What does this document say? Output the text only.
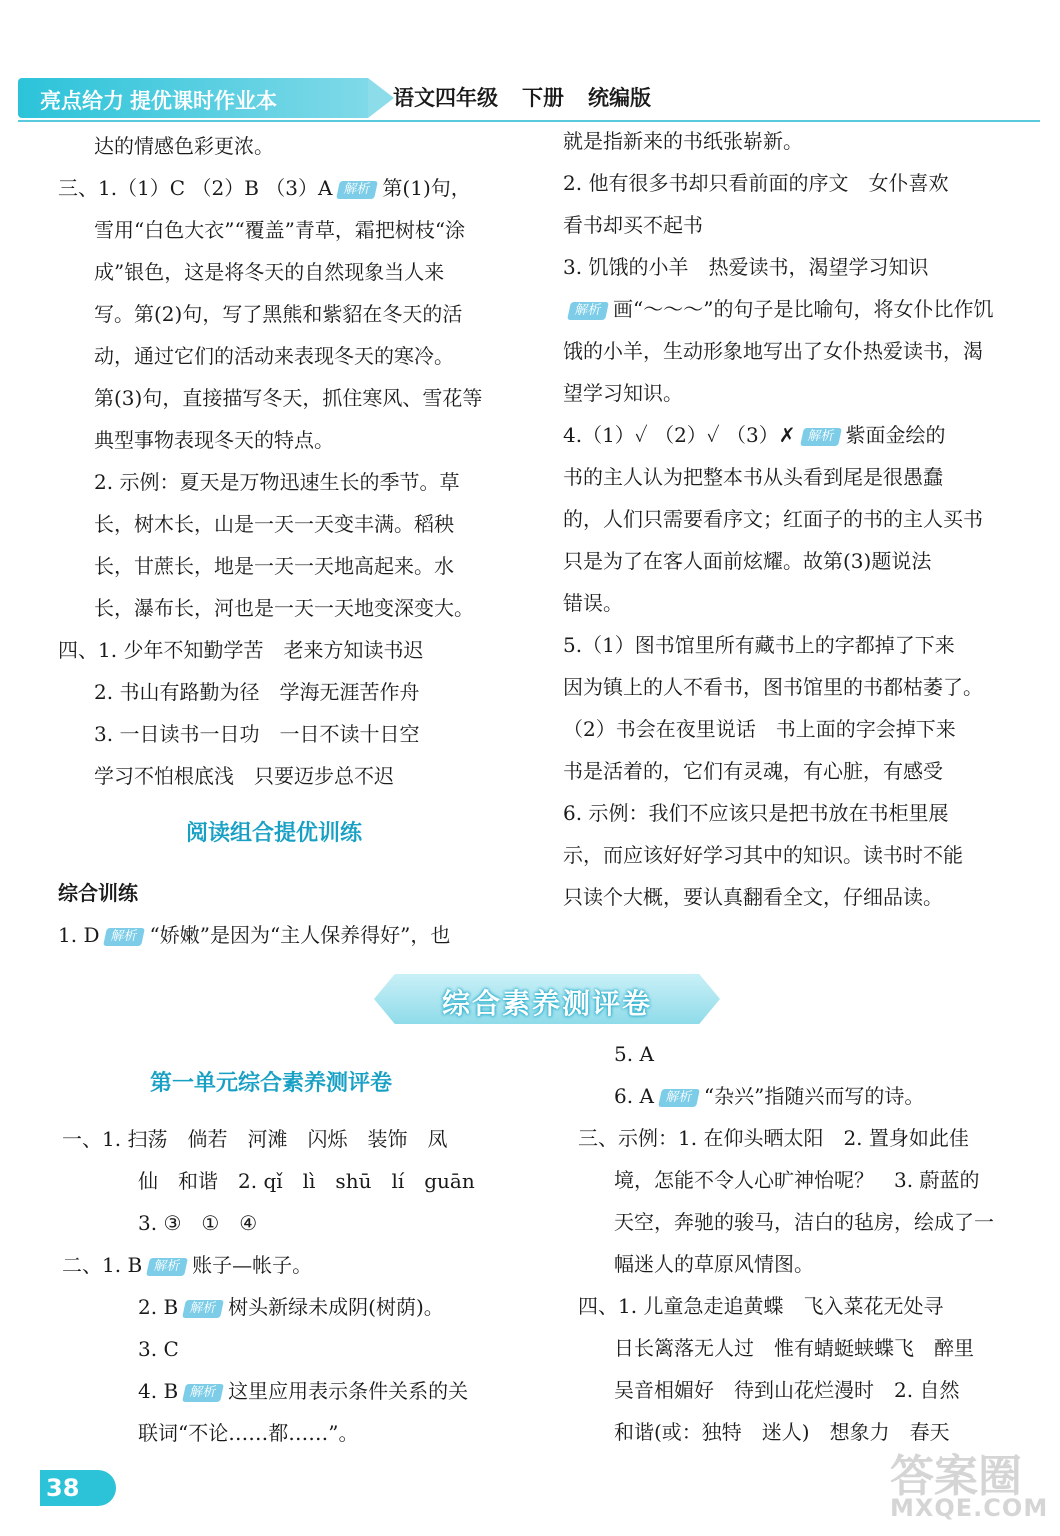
亮点给力 提优课时作业本	语文四年级 下册 统编版
达的情感色彩更浓。
三、1.（1）C （2）B （3）A 解析 第(1)句，
雪用“白色大衣”“覆盖”青草，霜把树枝“涂
成”银色，这是将冬天的自然现象当人来
写。第(2)句，写了黑熊和紫貂在冬天的活
动，通过它们的活动来表现冬天的寒冷。
第(3)句，直接描写冬天，抓住寒风、雪花等
典型事物表现冬天的特点。
2. 示例：夏天是万物迅速生长的季节。草
长，树木长，山是一天一天变丰满。稻秧
长，甘蔗长，地是一天一天地高起来。水
长，瀑布长，河也是一天一天地变深变大。
四、1. 少年不知勤学苦　老来方知读书迟
2. 书山有路勤为径　学海无涯苦作舟
3. 一日读书一日功　一日不读十日空
学习不怕根底浅　只要迈步总不迟
阅读组合提优训练
综合训练
1. D 解析 “娇嫩”是因为“主人保养得好”，也
就是指新来的书纸张崭新。
2. 他有很多书却只看前面的序文　女仆喜欢
看书却买不起书
3. 饥饿的小羊　热爱读书，渴望学习知识
解析 画“～～～”的句子是比喻句，将女仆比作饥
饿的小羊，生动形象地写出了女仆热爱读书，渴
望学习知识。
4.（1）✓ （2）✓ （3）✗ 解析 紫面金绘的
书的主人认为把整本书从头看到尾是很愚蠢
的，人们只需要看序文；红面子的书的主人买书
只是为了在客人面前炫耀。故第(3)题说法
错误。
5.（1）图书馆里所有藏书上的字都掉了下来
因为镇上的人不看书，图书馆里的书都枯萎了。
（2）书会在夜里说话　书上面的字会掉下来
书是活着的，它们有灵魂，有心脏，有感受
6. 示例：我们不应该只是把书放在书柜里展
示，而应该好好学习其中的知识。读书时不能
只读个大概，要认真翻看全文，仔细品读。
综合素养测评卷
第一单元综合素养测评卷
一、1. 扫荡　倘若　河滩　闪烁　装饰　凤
仙　和谐　2. qǐ　lì　shū　lí　guān
3. ③　①　④
二、1. B 解析 账子—帐子。
2. B 解析 树头新绿未成阴(树荫)。
3. C
4. B 解析 这里应用表示条件关系的关
联词“不论……都……”。
5. A
6. A 解析 “杂兴”指随兴而写的诗。
三、示例：1. 在仰头晒太阳　2. 置身如此佳
境，怎能不令人心旷神怡呢？　3. 蔚蓝的
天空，奔驰的骏马，洁白的毡房，绘成了一
幅迷人的草原风情图。
四、1. 儿童急走追黄蝶　飞入菜花无处寻
日长篱落无人过　惟有蜻蜓蛱蝶飞　醉里
吴音相媚好　待到山花烂漫时　2. 自然
和谐(或：独特　迷人)　想象力　春天
38	答案圈
MXQE.COM
